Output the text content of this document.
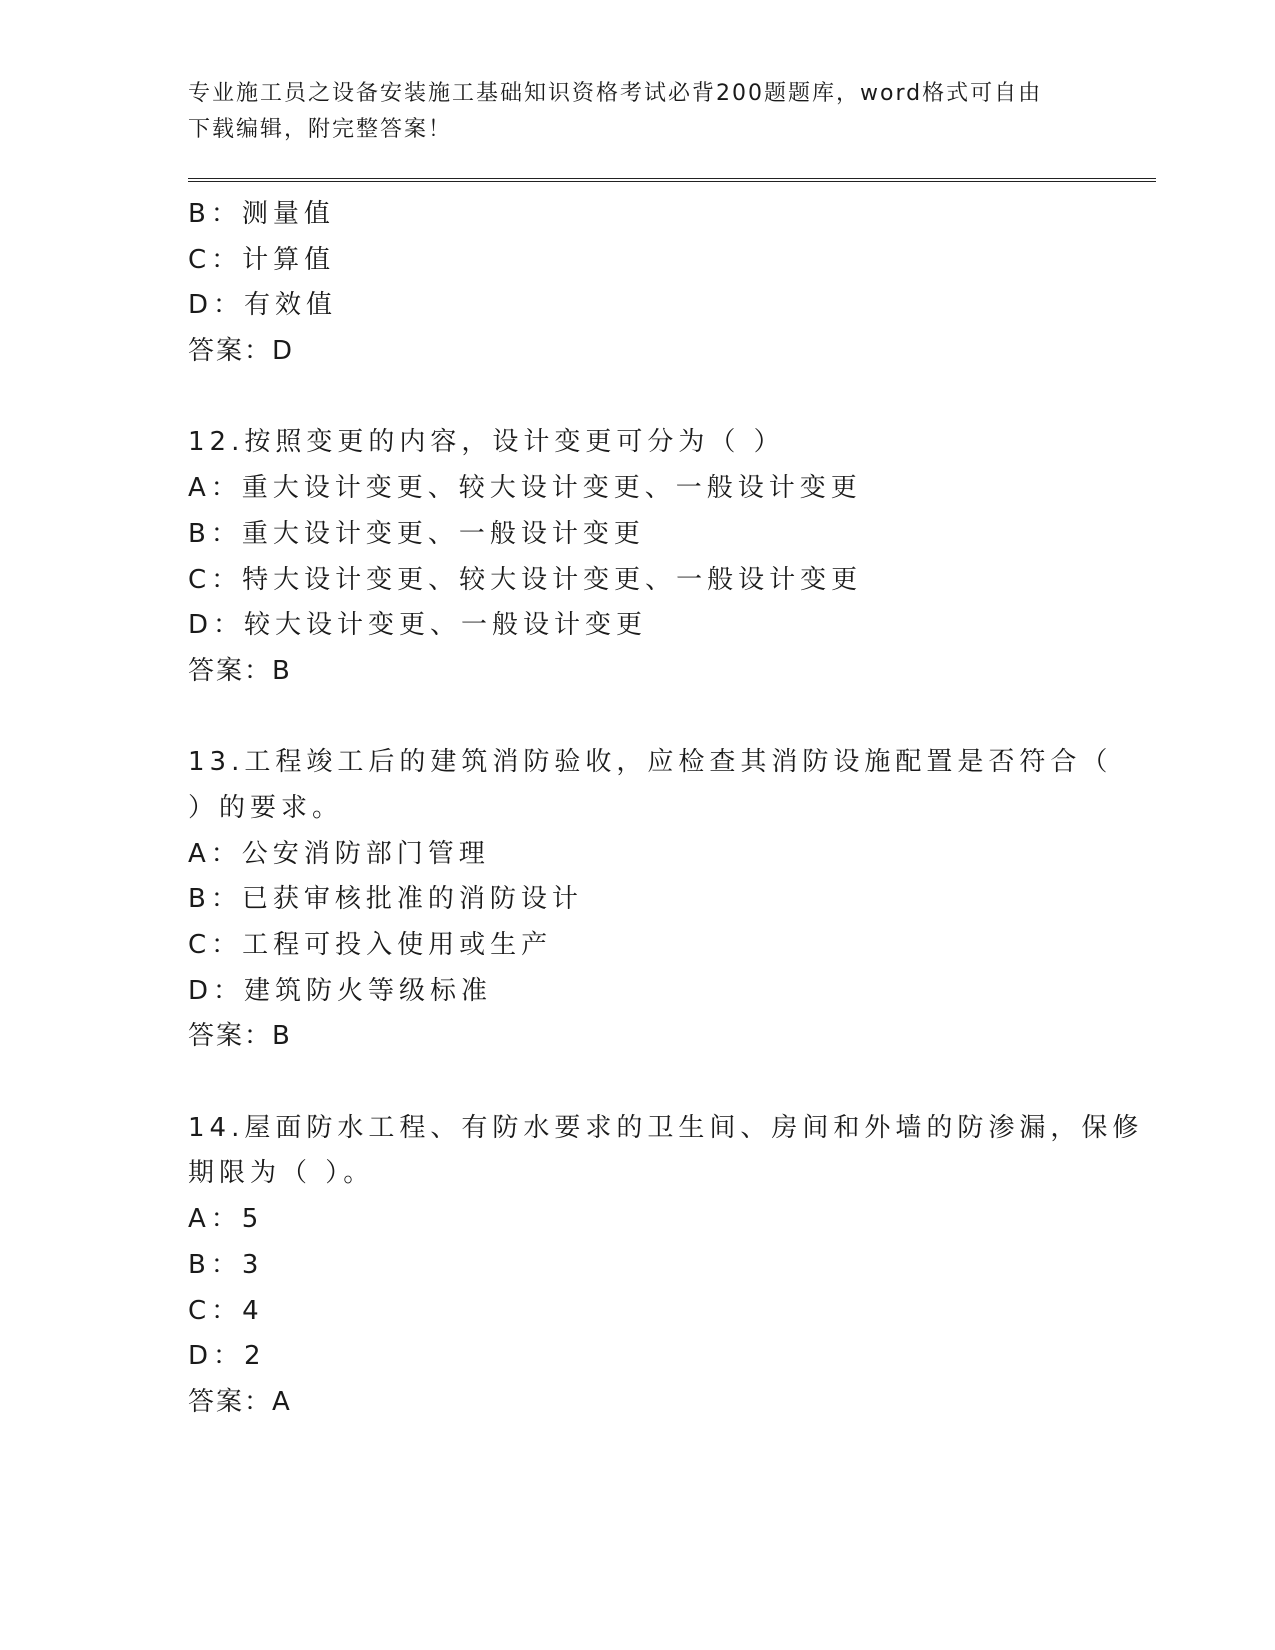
专业施工员之设备安装施工基础知识资格考试必背200题题库，word格式可自由
下载编辑，附完整答案！
B：测量值
C：计算值
D：有效值
答案：D
12.按照变更的内容，设计变更可分为（ ）
A：重大设计变更、较大设计变更、一般设计变更
B：重大设计变更、一般设计变更
C：特大设计变更、较大设计变更、一般设计变更
D：较大设计变更、一般设计变更
答案：B
13.工程竣工后的建筑消防验收，应检查其消防设施配置是否符合（
）的要求。
A：公安消防部门管理
B：已获审核批准的消防设计
C：工程可投入使用或生产
D：建筑防火等级标准
答案：B
14.屋面防水工程、有防水要求的卫生间、房间和外墙的防渗漏，保修
期限为（ ）。
A：5
B：3
C：4
D：2
答案：A
